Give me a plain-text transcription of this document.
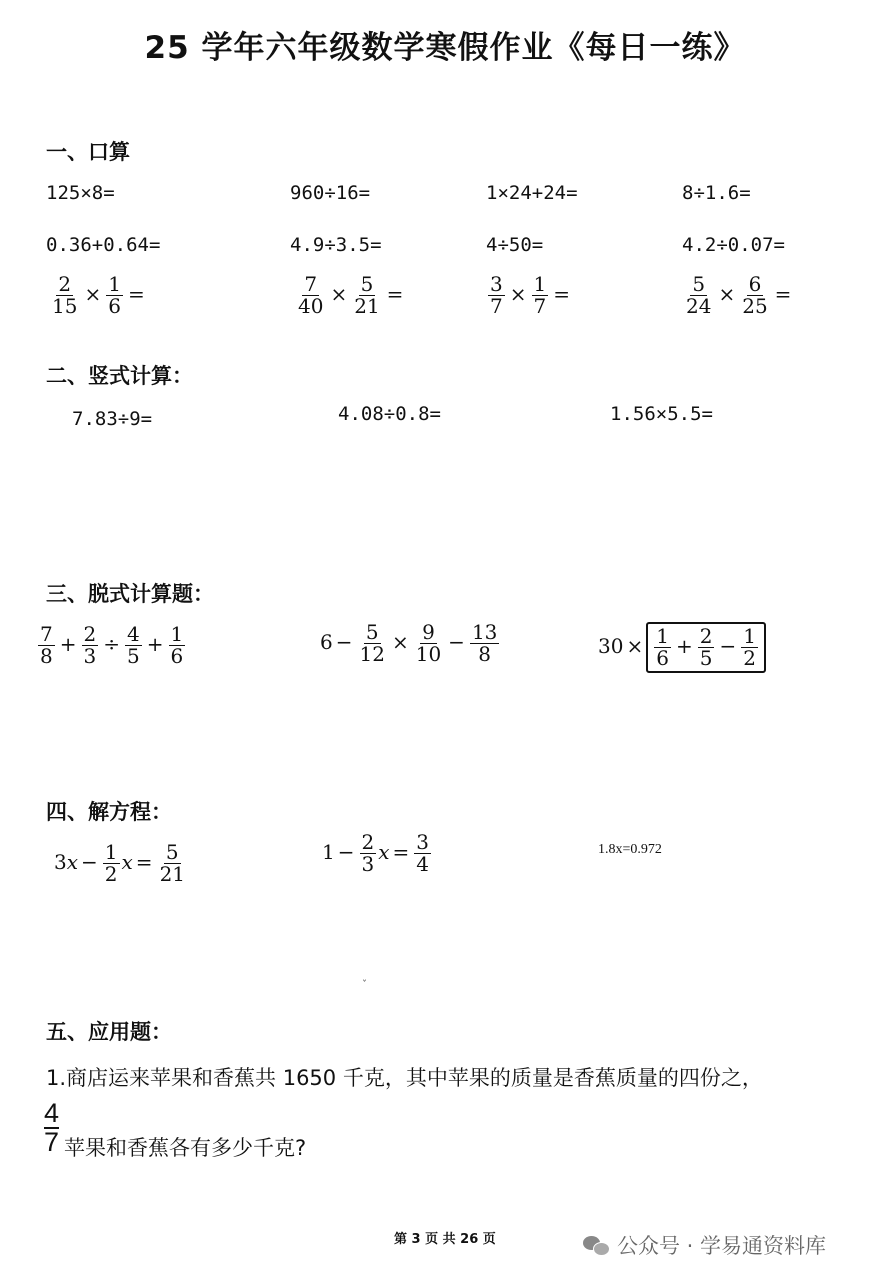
25 学年六年级数学寒假作业《每日一练》
一、口算
125×8=	960÷16=	1×24+24=	8÷1.6=
0.36+0.64=	4.9÷3.5=	4÷50=	4.2÷0.07=
$\frac{2}{15} \times \frac{1}{6}$ =	$\frac{7}{40} \times \frac{5}{21}$ =	$\frac{3}{7} \times \frac{1}{7}$ =	$\frac{5}{24} \times \frac{6}{25}$ =
二、竖式计算：
7.83÷9=	4.08÷0.8=	1.56×5.5=
三、脱式计算题：
$\frac{7}{8} + \frac{2}{3} \div \frac{4}{5} + \frac{1}{6}$	$6 - \frac{5}{12} \times \frac{9}{10} - \frac{13}{8}$	$30 \times \frac{1}{6} + \frac{2}{5} - \frac{1}{2}$
四、解方程：
$3x - \frac{1}{2}$ $x = \frac{5}{21}$	$1 - \frac{2}{3}$ $x = \frac{3}{4}$	1.8x=0.972
ˇ
五、应用题：
1.商店运来苹果和香蕉共 1650 千克，其中苹果的质量是香蕉质量的四份之，
4
7 苹果和香蕉各有多少千克?
第 3 页 共 26 页	公众号 · 学易通资料库
